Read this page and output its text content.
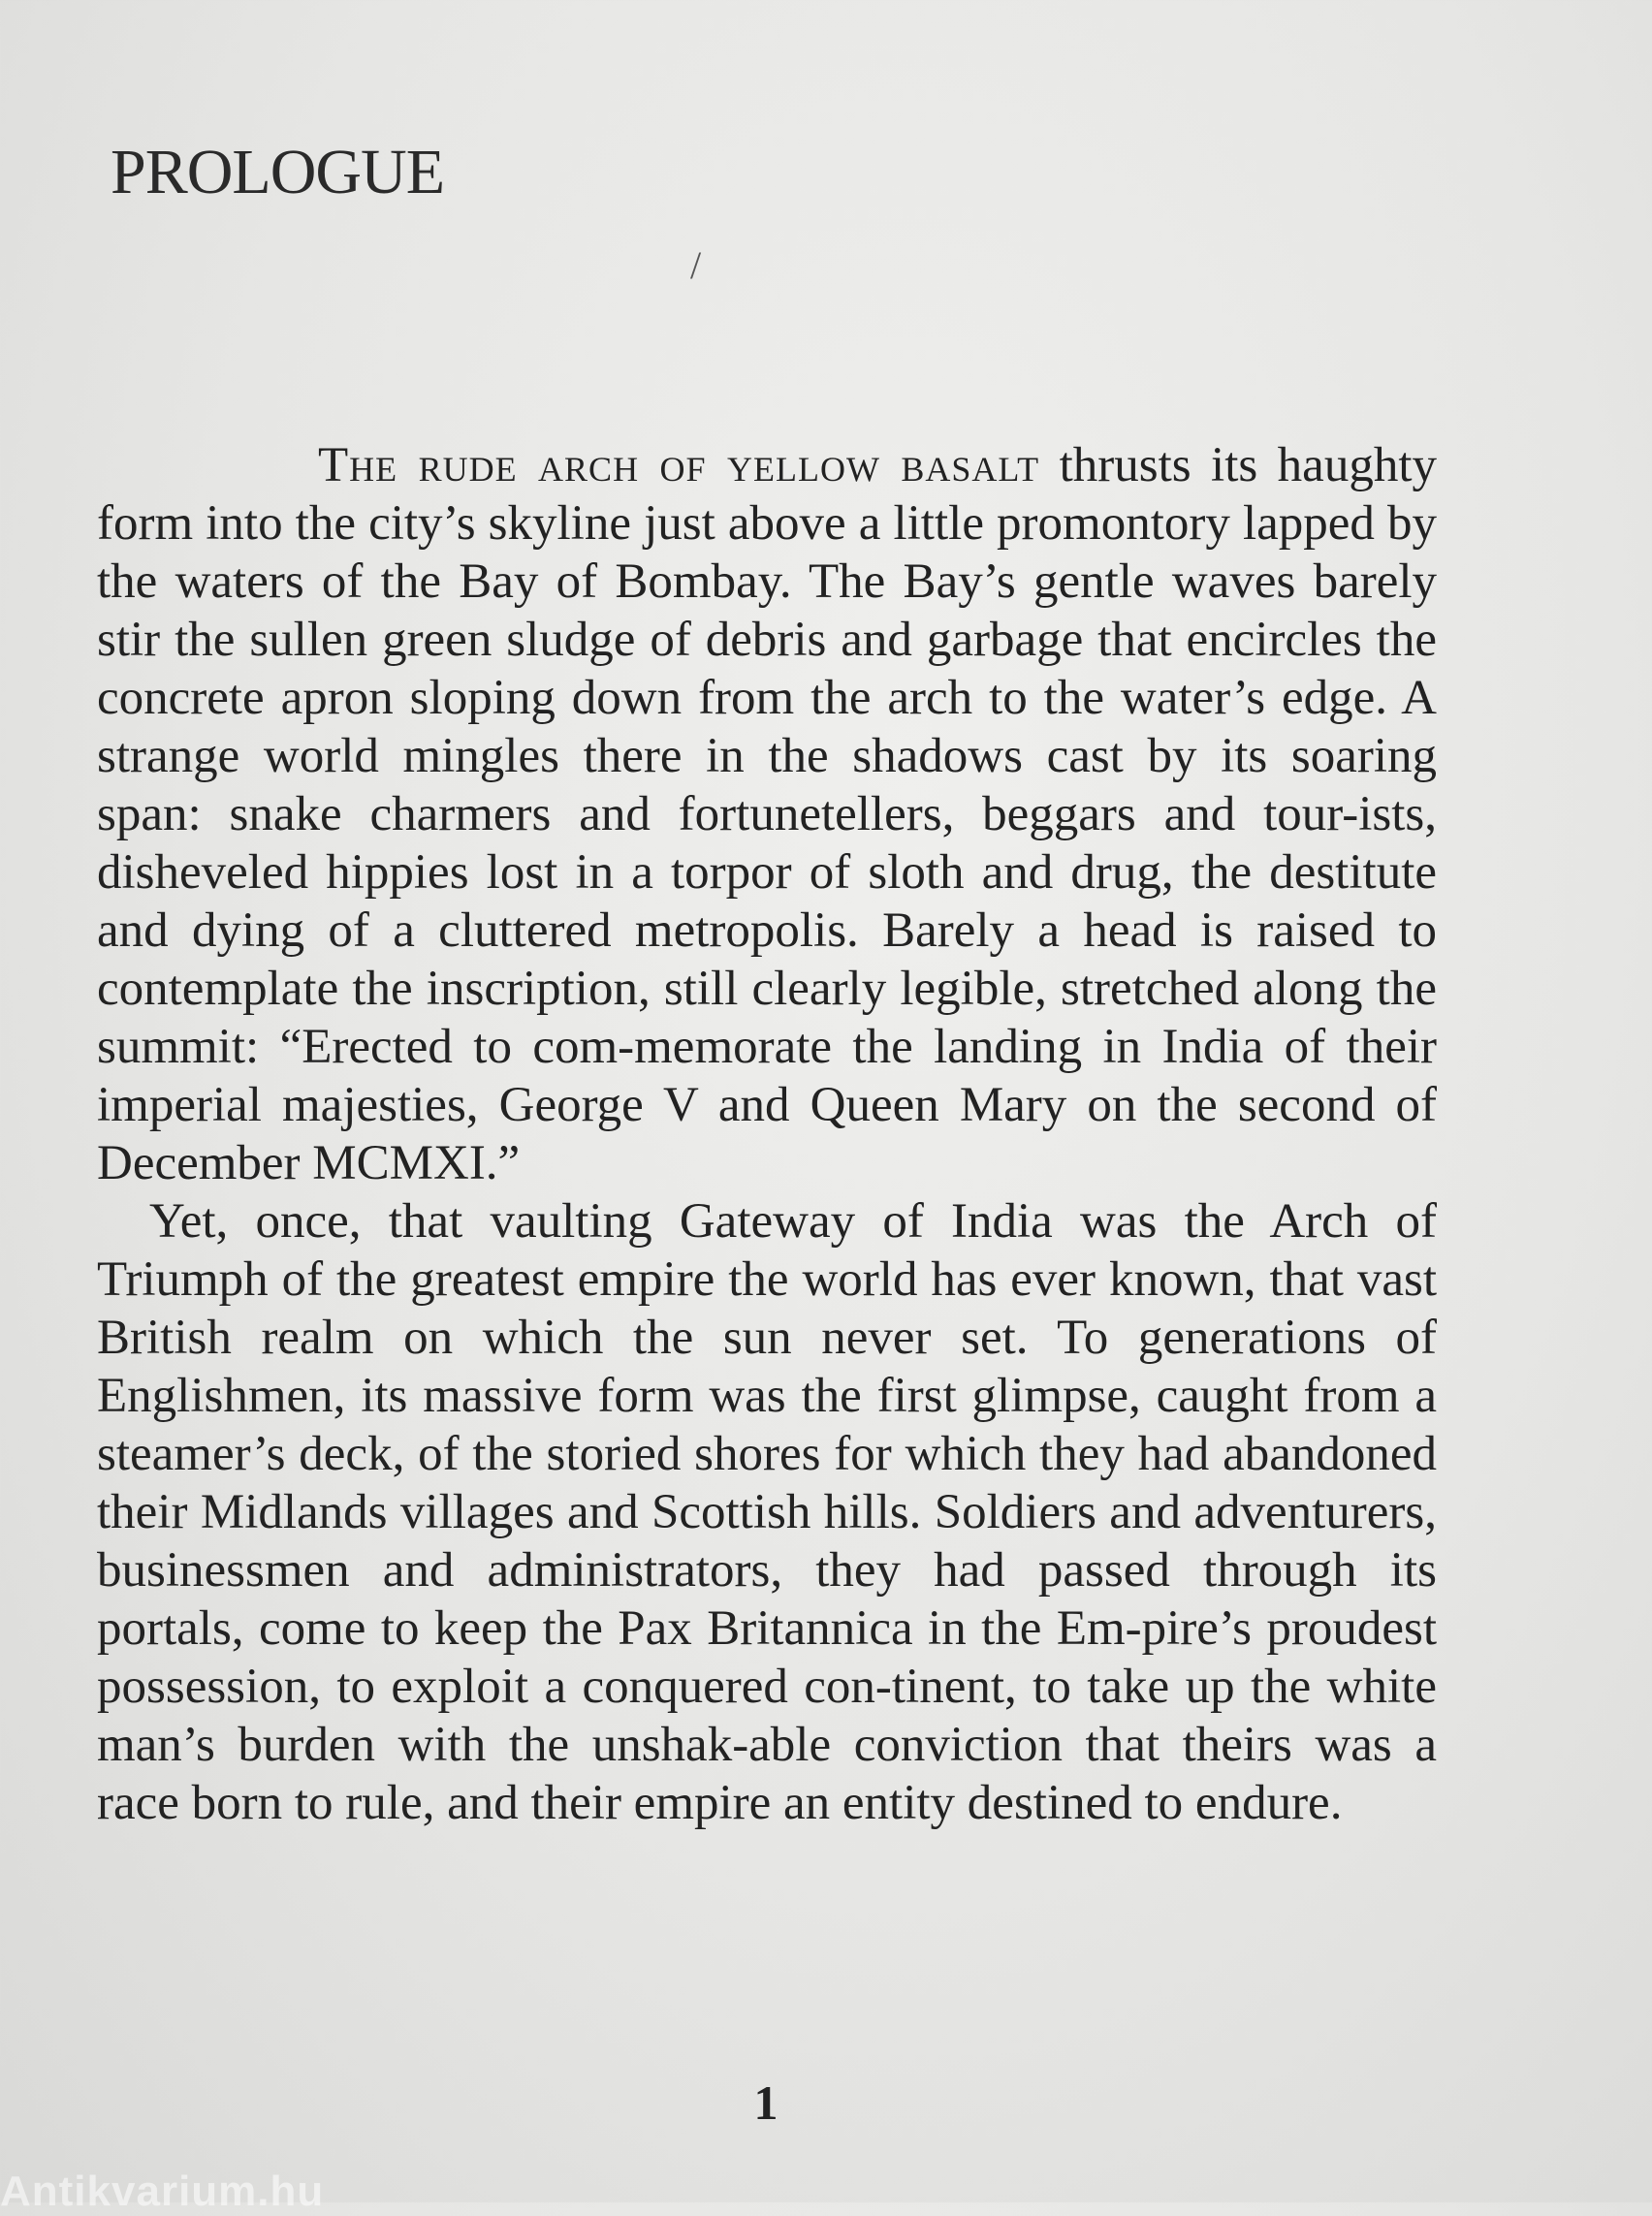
PROLOGUE
/

The rude arch of yellow basalt thrusts its haughty form into the city’s skyline just above a little promontory lapped by the waters of the Bay of Bombay. The Bay’s gentle waves barely stir the sullen green sludge of debris and garbage that encircles the concrete apron sloping down from the arch to the water’s edge. A strange world mingles there in the shadows cast by its soaring span: snake charmers and fortunetellers, beggars and tour-ists, disheveled hippies lost in a torpor of sloth and drug, the destitute and dying of a cluttered metropolis. Barely a head is raised to contemplate the inscription, still clearly legible, stretched along the summit: “Erected to com-memorate the landing in India of their imperial majesties, George V and Queen Mary on the second of December MCMXI.”

Yet, once, that vaulting Gateway of India was the Arch of Triumph of the greatest empire the world has ever known, that vast British realm on which the sun never set. To generations of Englishmen, its massive form was the first glimpse, caught from a steamer’s deck, of the storied shores for which they had abandoned their Midlands villages and Scottish hills. Soldiers and adventurers, businessmen and administrators, they had passed through its portals, come to keep the Pax Britannica in the Em-pire’s proudest possession, to exploit a conquered con-tinent, to take up the white man’s burden with the unshak-able conviction that theirs was a race born to rule, and their empire an entity destined to endure.

1
Antikvarium.hu
